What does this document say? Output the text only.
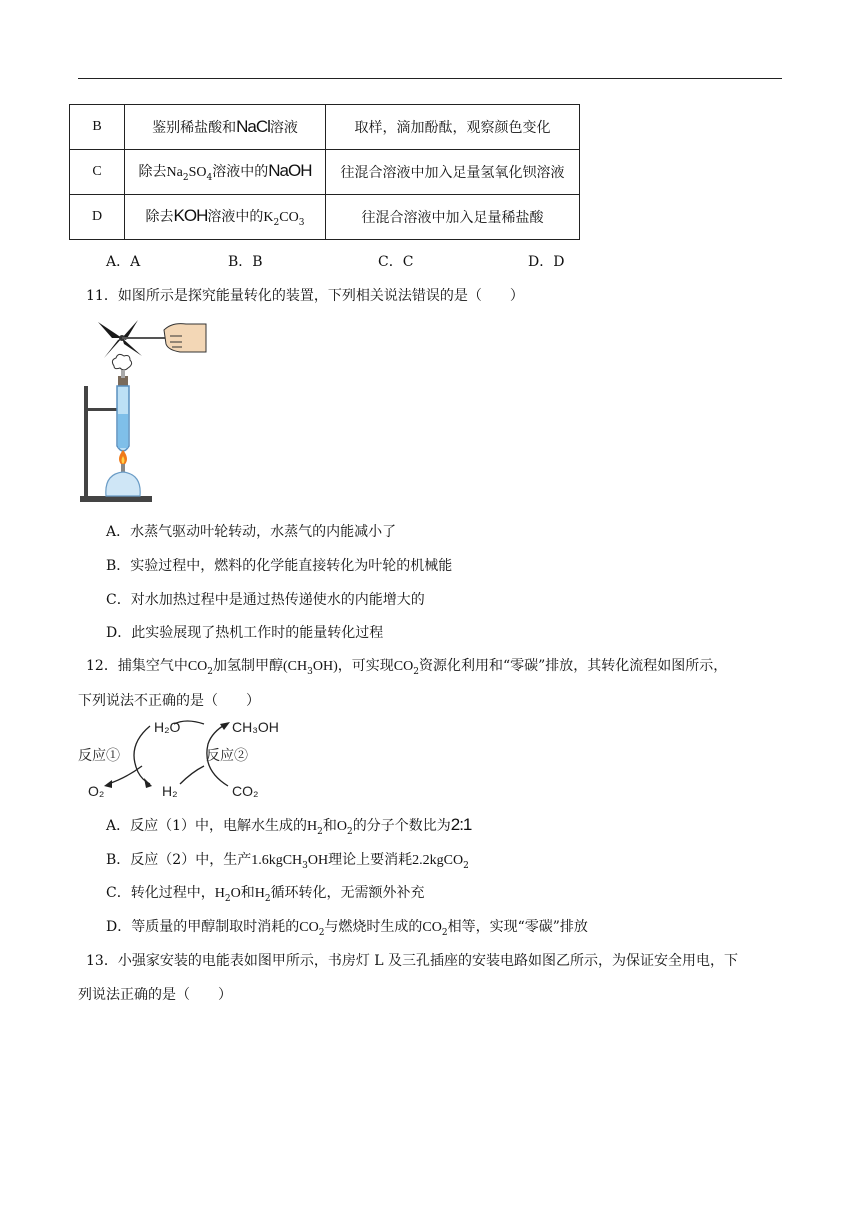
B	鉴别稀盐酸和NaCl溶液	取样，滴加酚酞，观察颜色变化
C	除去$Na_2SO_4$溶液中的NaOH	往混合溶液中加入足量氢氧化钡溶液
D	除去KOH溶液中的$K_2CO_3$	往混合溶液中加入足量稀盐酸
A．A	B．B	C．C	D．D
11．如图所示是探究能量转化的装置，下列相关说法错误的是（　　）
A．水蒸气驱动叶轮转动，水蒸气的内能减小了
B．实验过程中，燃料的化学能直接转化为叶轮的机械能
C．对水加热过程中是通过热传递使水的内能增大的
D．此实验展现了热机工作时的能量转化过程
12．捕集空气中$CO_2$加氢制甲醇$(CH_3OH)$，可实现$CO_2$资源化利用和“零碳”排放，其转化流程如图所示，
下列说法不正确的是（　　）
H₂O	CH₃OH
反应①	反应②
O₂	H₂	CO₂
A．反应（1）中，电解水生成的$H_2$和$O_2$的分子个数比为2:1
B．反应（2）中，生产1.6kgCH$_3$OH理论上要消耗2.2kgCO$_2$
C．转化过程中，$H_2O$和$H_2$循环转化，无需额外补充
D．等质量的甲醇制取时消耗的$CO_2$与燃烧时生成的$CO_2$相等，实现“零碳”排放
13．小强家安装的电能表如图甲所示，书房灯 L 及三孔插座的安装电路如图乙所示，为保证安全用电，下
列说法正确的是（　　）
